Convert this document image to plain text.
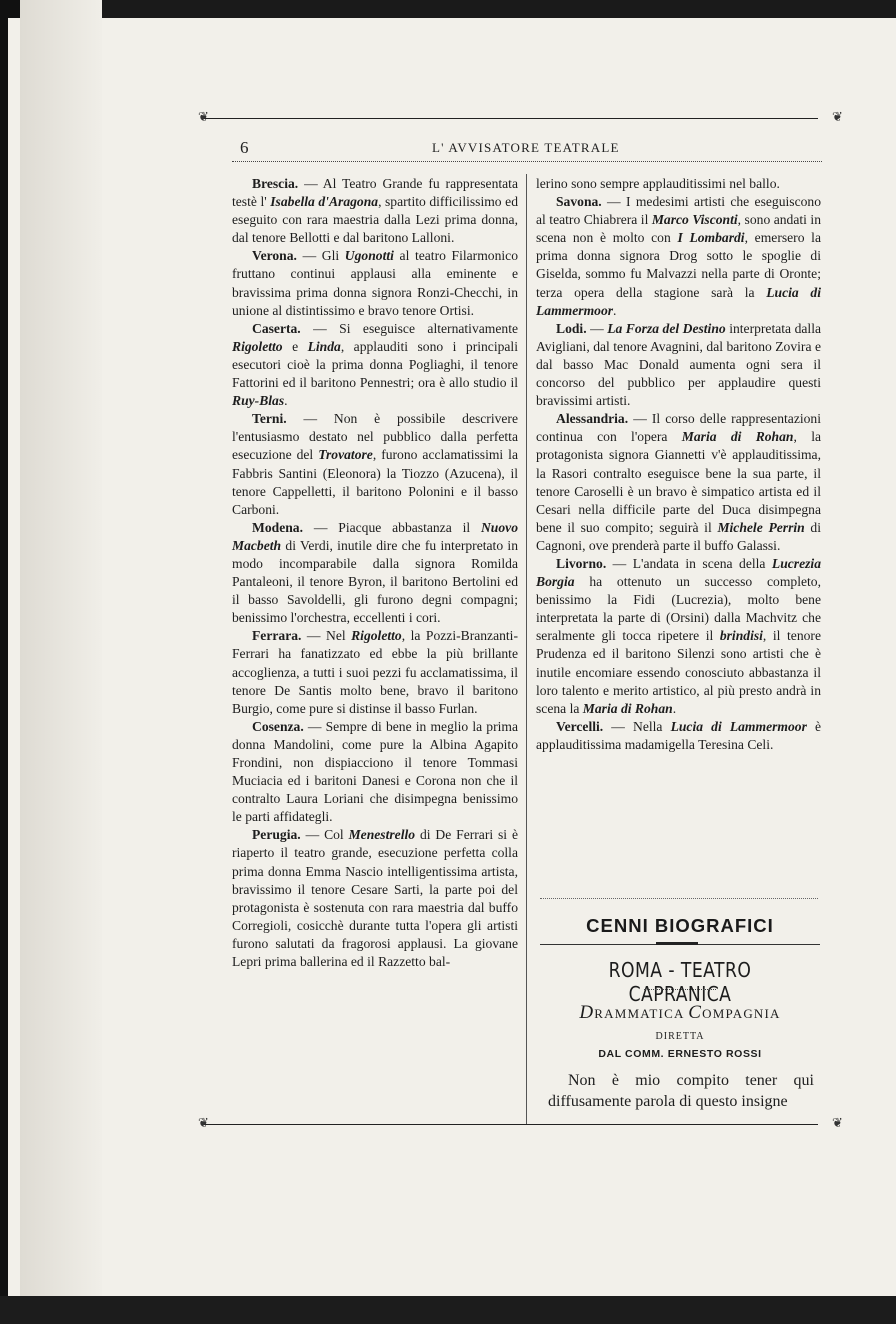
❦	❦
6	L' AVVISATORE TEATRALE

Brescia. — Al Teatro Grande fu rappresentata testè l' Isabella d'Aragona, spartito difficilissimo ed eseguito con rara maestria dalla Lezi prima donna, dal tenore Bellotti e dal baritono Lalloni.

Verona. — Gli Ugonotti al teatro Filarmonico fruttano continui applausi alla eminente e bravissima prima donna signora Ronzi-Checchi, in unione al distintissimo e bravo tenore Ortisi.

Caserta. — Si eseguisce alternativamente Rigoletto e Linda, applauditi sono i principali esecutori cioè la prima donna Pogliaghi, il tenore Fattorini ed il baritono Pennestri; ora è allo studio il Ruy-Blas.

Terni. — Non è possibile descrivere l'entusiasmo destato nel pubblico dalla perfetta esecuzione del Trovatore, furono acclamatissimi la Fabbris Santini (Eleonora) la Tiozzo (Azucena), il tenore Cappelletti, il baritono Polonini e il basso Carboni.

Modena. — Piacque abbastanza il Nuovo Macbeth di Verdi, inutile dire che fu interpretato in modo incomparabile dalla signora Romilda Pantaleoni, il tenore Byron, il baritono Bertolini ed il basso Savoldelli, gli furono degni compagni; benissimo l'orchestra, eccellenti i cori.

Ferrara. — Nel Rigoletto, la Pozzi-Branzanti-Ferrari ha fanatizzato ed ebbe la più brillante accoglienza, a tutti i suoi pezzi fu acclamatissima, il tenore De Santis molto bene, bravo il baritono Burgio, come pure si distinse il basso Furlan.

Cosenza. — Sempre di bene in meglio la prima donna Mandolini, come pure la Albina Agapito Frondini, non dispiacciono il tenore Tommasi Muciacia ed i baritoni Danesi e Corona non che il contralto Laura Loriani che disimpegna benissimo le parti affidategli.

Perugia. — Col Menestrello di De Ferrari si è riaperto il teatro grande, esecuzione perfetta colla prima donna Emma Nascio intelligentissima artista, bravissimo il tenore Cesare Sarti, la parte poi del protagonista è sostenuta con rara maestria dal buffo Corregioli, cosicchè durante tutta l'opera gli artisti furono salutati da fragorosi applausi. La giovane Lepri prima ballerina ed il Razzetto bal-

lerino sono sempre applauditissimi nel ballo.

Savona. — I medesimi artisti che eseguiscono al teatro Chiabrera il Marco Visconti, sono andati in scena non è molto con I Lombardi, emersero la prima donna signora Drog sotto le spoglie di Giselda, sommo fu Malvazzi nella parte di Oronte; terza opera della stagione sarà la Lucia di Lammermoor.

Lodi. — La Forza del Destino interpretata dalla Avigliani, dal tenore Avagnini, dal baritono Zovira e dal basso Mac Donald aumenta ogni sera il concorso del pubblico per applaudire questi bravissimi artisti.

Alessandria. — Il corso delle rappresentazioni continua con l'opera Maria di Rohan, la protagonista signora Giannetti v'è applauditissima, la Rasori contralto eseguisce bene la sua parte, il tenore Caroselli è un bravo è simpatico artista ed il Cesari nella difficile parte del Duca disimpegna bene il suo compito; seguirà il Michele Perrin di Cagnoni, ove prenderà parte il buffo Galassi.

Livorno. — L'andata in scena della Lucrezia Borgia ha ottenuto un successo completo, benissimo la Fidi (Lucrezia), molto bene interpretata la parte di (Orsini) dalla Machvitz che seralmente gli tocca ripetere il brindisi, il tenore Prudenza ed il baritono Silenzi sono artisti che è inutile encomiare essendo conosciuto abbastanza il loro talento e merito artistico, al più presto andrà in scena la Maria di Rohan.

Vercelli. — Nella Lucia di Lammermoor è applauditissima madamigella Teresina Celi.

CENNI BIOGRAFICI
ROMA - TEATRO CAPRANICA
DRAMMATICA COMPAGNIA
DIRETTA
DAL COMM. ERNESTO ROSSI
Non è mio compito tener qui diffusamente parola di questo insigne
❦	❦
